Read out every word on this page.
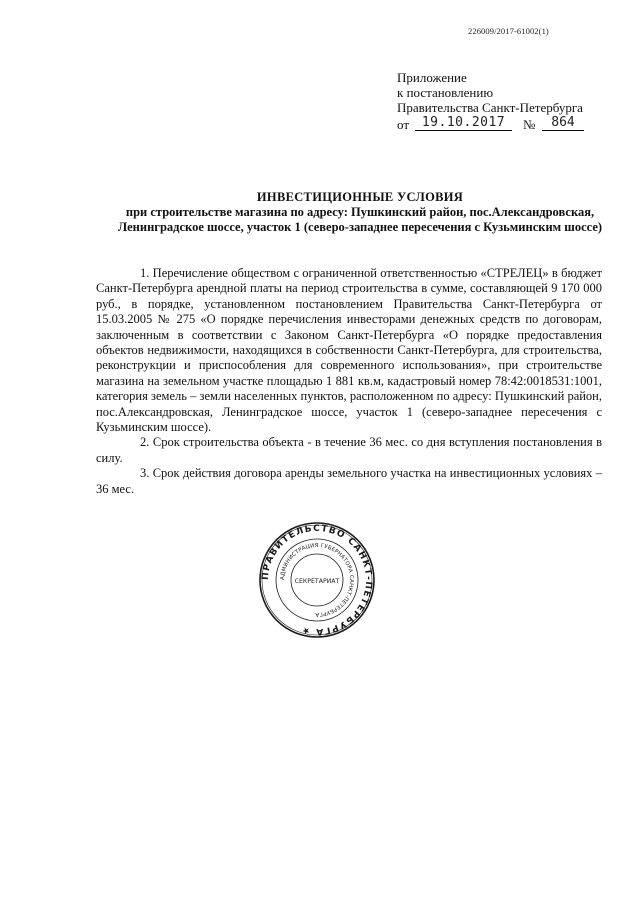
226009/2017-61002(1)
Приложение
к постановлению
Правительства Санкт-Петербурга
от 19.10.2017	№	864
ИНВЕСТИЦИОННЫЕ УСЛОВИЯ
при строительстве магазина по адресу: Пушкинский район, пос.Александровская, Ленинградское шоссе, участок 1 (северо-западнее пересечения с Кузьминским шоссе)

1. Перечисление обществом с ограниченной ответственностью «СТРЕЛЕЦ» в бюджет Санкт-Петербурга арендной платы на период строительства в сумме, составляющей 9 170 000 руб., в порядке, установленном постановлением Правительства Санкт-Петербурга от 15.03.2005 № 275 «О порядке перечисления инвесторами денежных средств по договорам, заключенным в соответствии с Законом Санкт-Петербурга «О порядке предоставления объектов недвижимости, находящихся в собственности Санкт-Петербурга, для строительства, реконструкции и приспособления для современного использования», при строительстве магазина на земельном участке площадью 1 881 кв.м, кадастровый номер 78:42:0018531:1001, категория земель – земли населенных пунктов, расположенном по адресу: Пушкинский район, пос.Александровская, Ленинградское шоссе, участок 1 (северо-западнее пересечения с Кузьминским шоссе).

2. Срок строительства объекта - в течение 36 мес. со дня вступления постановления в силу.

3. Срок действия договора аренды земельного участка на инвестиционных условиях – 36 мес.

ПРАВИТЕЛЬСТВО САНКТ-ПЕТЕРБУРГА ★
АДМИНИСТРАЦИЯ ГУБЕРНАТОРА САНКТ-ПЕТЕРБУРГА
СЕКРЕТАРИАТ
